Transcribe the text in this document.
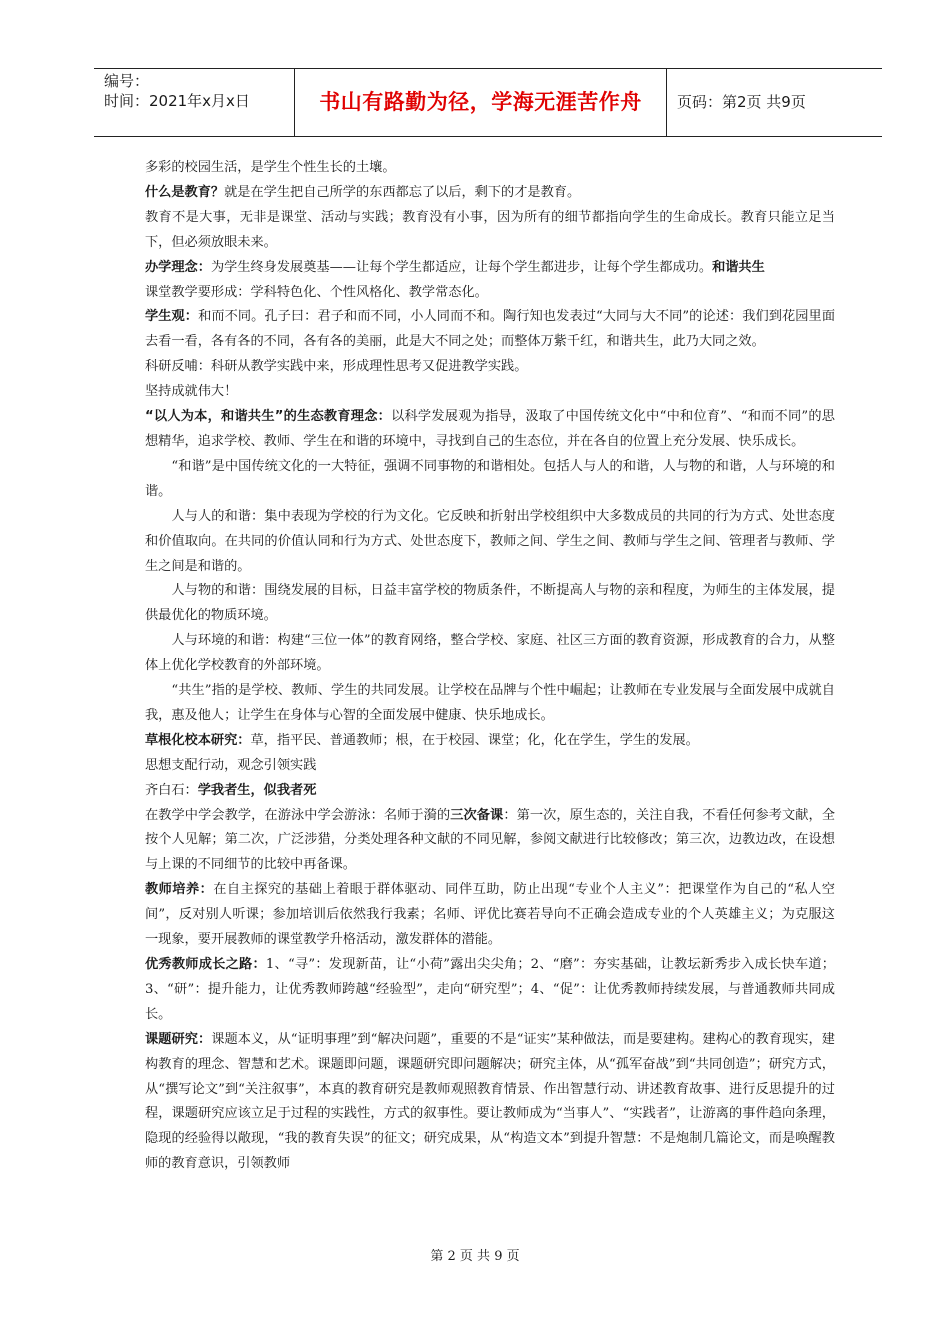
编号：
时间：2021年x月x日	书山有路勤为径，学海无涯苦作舟	页码：第2页 共9页

多彩的校园生活，是学生个性生长的土壤。

什么是教育？就是在学生把自己所学的东西都忘了以后，剩下的才是教育。

教育不是大事，无非是课堂、活动与实践；教育没有小事，因为所有的细节都指向学生的生命成长。教育只能立足当下，但必须放眼未来。

办学理念：为学生终身发展奠基——让每个学生都适应，让每个学生都进步，让每个学生都成功。和谐共生

课堂教学要形成：学科特色化、个性风格化、教学常态化。

学生观：和而不同。孔子曰：君子和而不同，小人同而不和。陶行知也发表过“大同与大不同”的论述：我们到花园里面去看一看，各有各的不同，各有各的美丽，此是大不同之处；而整体万紫千红，和谐共生，此乃大同之效。

科研反哺：科研从教学实践中来，形成理性思考又促进教学实践。

坚持成就伟大！

“以人为本，和谐共生”的生态教育理念：以科学发展观为指导，汲取了中国传统文化中“中和位育”、“和而不同”的思想精华，追求学校、教师、学生在和谐的环境中，寻找到自己的生态位，并在各自的位置上充分发展、快乐成长。

“和谐”是中国传统文化的一大特征，强调不同事物的和谐相处。包括人与人的和谐，人与物的和谐，人与环境的和谐。

人与人的和谐：集中表现为学校的行为文化。它反映和折射出学校组织中大多数成员的共同的行为方式、处世态度和价值取向。在共同的价值认同和行为方式、处世态度下，教师之间、学生之间、教师与学生之间、管理者与教师、学生之间是和谐的。

人与物的和谐：围绕发展的目标，日益丰富学校的物质条件，不断提高人与物的亲和程度，为师生的主体发展，提供最优化的物质环境。

人与环境的和谐：构建“三位一体”的教育网络，整合学校、家庭、社区三方面的教育资源，形成教育的合力，从整体上优化学校教育的外部环境。

“共生”指的是学校、教师、学生的共同发展。让学校在品牌与个性中崛起；让教师在专业发展与全面发展中成就自我，惠及他人；让学生在身体与心智的全面发展中健康、快乐地成长。

草根化校本研究：草，指平民、普通教师；根，在于校园、课堂；化，化在学生，学生的发展。

思想支配行动，观念引领实践

齐白石：学我者生，似我者死

在教学中学会教学，在游泳中学会游泳：名师于漪的三次备课：第一次，原生态的，关注自我，不看任何参考文献，全按个人见解；第二次，广泛涉猎，分类处理各种文献的不同见解，参阅文献进行比较修改；第三次，边教边改，在设想与上课的不同细节的比较中再备课。

教师培养：在自主探究的基础上着眼于群体驱动、同伴互助，防止出现“专业个人主义”：把课堂作为自己的“私人空间”，反对别人听课；参加培训后依然我行我素；名师、评优比赛若导向不正确会造成专业的个人英雄主义；为克服这一现象，要开展教师的课堂教学升格活动，激发群体的潜能。

优秀教师成长之路：1、“寻”：发现新苗，让“小荷”露出尖尖角；2、“磨”：夯实基础，让教坛新秀步入成长快车道；3、“研”：提升能力，让优秀教师跨越“经验型”，走向“研究型”；4、“促”：让优秀教师持续发展，与普通教师共同成长。

课题研究：课题本义，从“证明事理”到“解决问题”，重要的不是“证实”某种做法，而是要建构。建构心的教育现实，建构教育的理念、智慧和艺术。课题即问题，课题研究即问题解决；研究主体，从“孤军奋战”到“共同创造”；研究方式，从“撰写论文”到“关注叙事”，本真的教育研究是教师观照教育情景、作出智慧行动、讲述教育故事、进行反思提升的过程，课题研究应该立足于过程的实践性，方式的叙事性。要让教师成为“当事人”、“实践者”，让游离的事件趋向条理，隐现的经验得以敞现，“我的教育失误”的征文；研究成果，从“构造文本”到提升智慧：不是炮制几篇论文，而是唤醒教师的教育意识，引领教师

第 2 页 共 9 页
